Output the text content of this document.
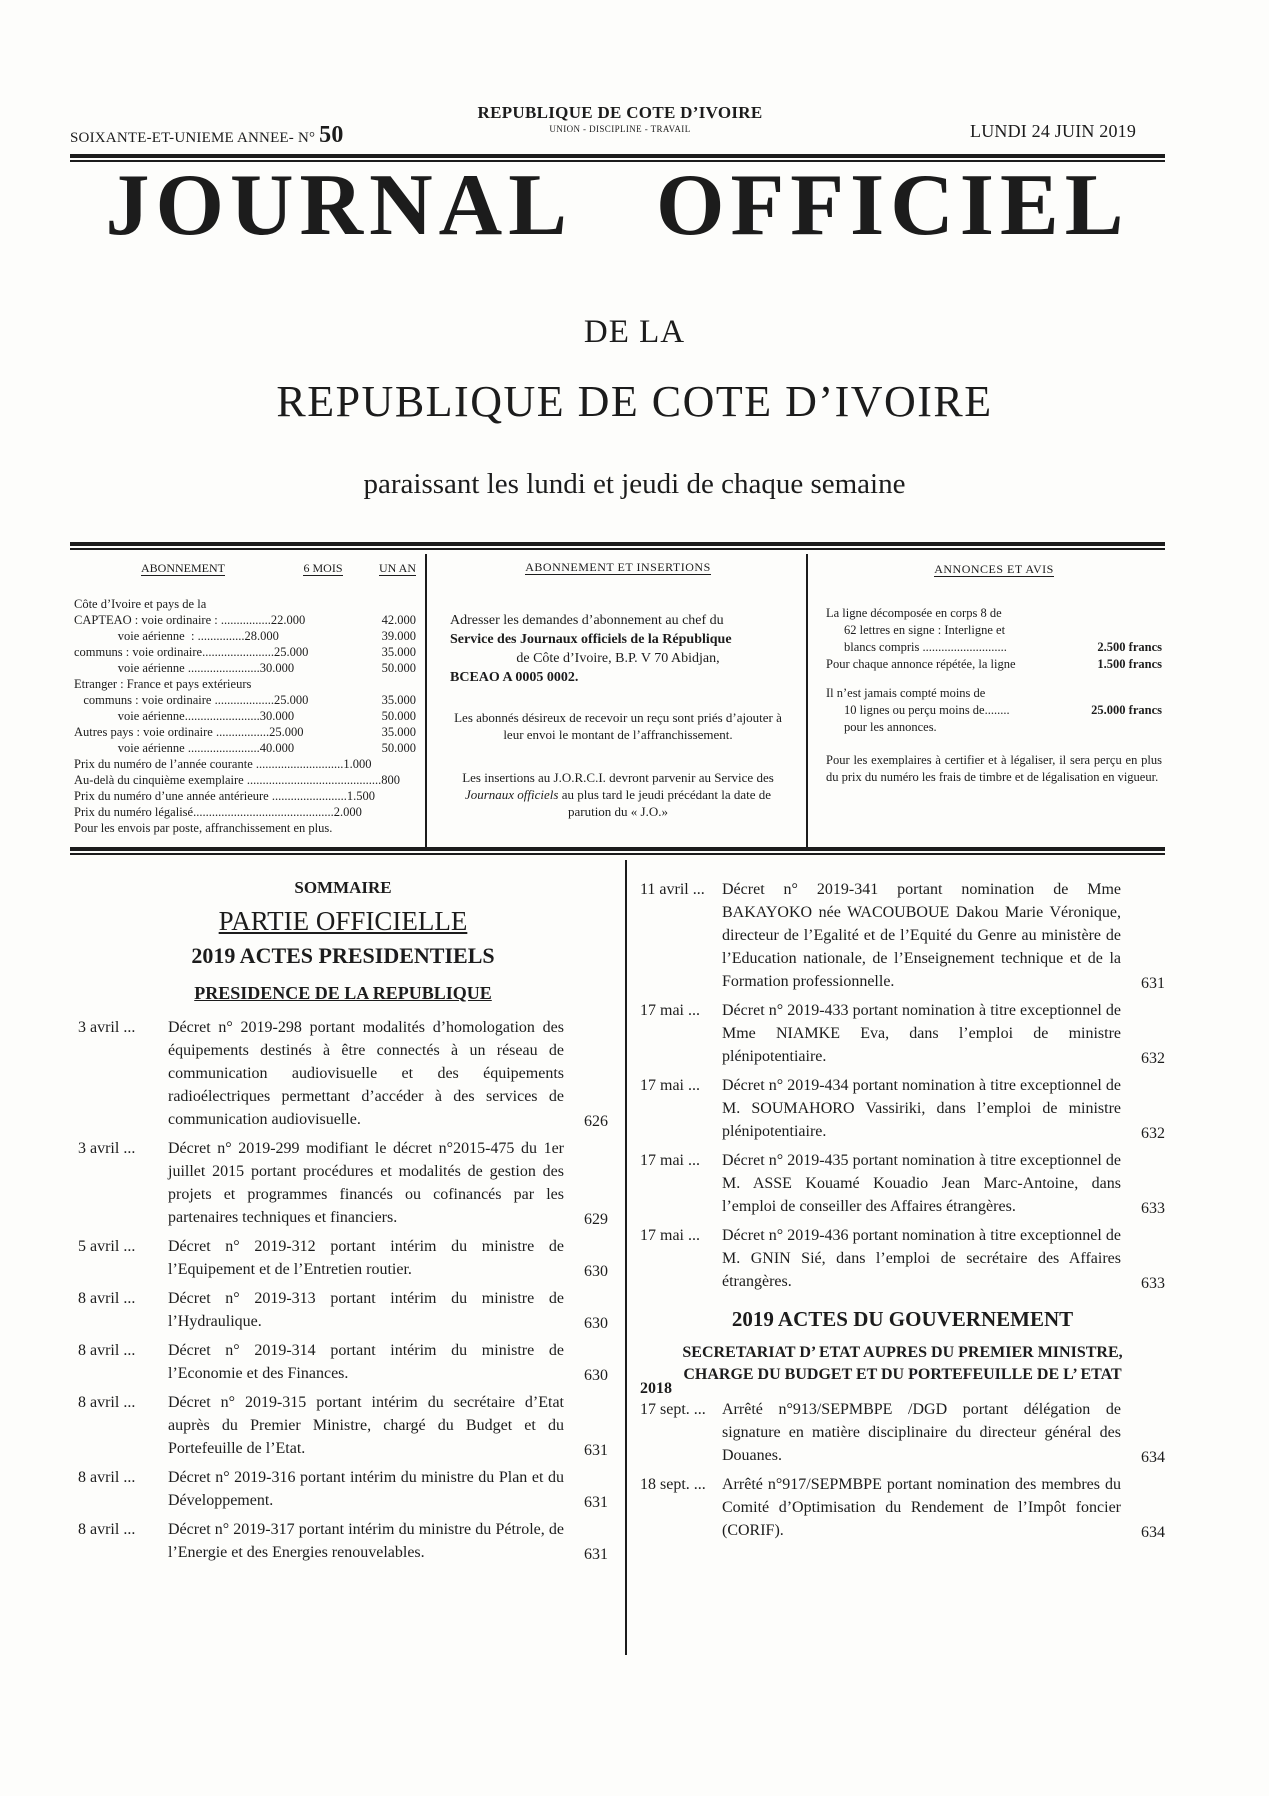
SOIXANTE-ET-UNIEME ANNEE- N° 50
REPUBLIQUE DE COTE D’IVOIRE
UNION - DISCIPLINE - TRAVAIL	LUNDI 24 JUIN 2019
JOURNAL OFFICIEL
DE LA
REPUBLIQUE DE COTE D’IVOIRE
paraissant les lundi et jeudi de chaque semaine
ABONNEMENT	6 MOIS	UN AN
Côte d’Ivoire et pays de la
CAPTEAO : voie ordinaire : ................22.000	42.000
voie aérienne  : ...............28.000	39.000
communs : voie ordinaire.......................25.000	35.000
voie aérienne .......................30.000	50.000
Etranger : France et pays extérieurs
communs : voie ordinaire ...................25.000	35.000
voie aérienne........................30.000	50.000
Autres pays : voie ordinaire .................25.000	35.000
voie aérienne .......................40.000	50.000
Prix du numéro de l’année courante ............................1.000
Au-delà du cinquième exemplaire ...........................................800
Prix du numéro d’une année antérieure ........................1.500
Prix du numéro légalisé.............................................2.000
Pour les envois par poste, affranchissement en plus.
ABONNEMENT ET INSERTIONS
Adresser les demandes d’abonnement au chef du
Service des Journaux officiels de la République
de Côte d’Ivoire, B.P. V 70 Abidjan,
BCEAO A 0005 0002.
Les abonnés désireux de recevoir un reçu sont priés d’ajouter à leur envoi le montant de l’affranchissement.
Les insertions au J.O.R.C.I. devront parvenir au Service des Journaux officiels au plus tard le jeudi précédant la date de parution du « J.O.»
ANNONCES ET AVIS
La ligne décomposée en corps 8 de
62 lettres en signe : Interligne et
blancs compris ...........................	2.500 francs
Pour chaque annonce répétée, la ligne	1.500 francs
Il n’est jamais compté moins de
10 lignes ou perçu moins de........	25.000 francs
pour les annonces.
Pour les exemplaires à certifier et à légaliser, il sera perçu en plus du prix du numéro les frais de timbre et de légalisation en vigueur.
SOMMAIRE
PARTIE OFFICIELLE
2019 ACTES PRESIDENTIELS
PRESIDENCE DE LA REPUBLIQUE
3 avril ...	Décret n° 2019-298 portant modalités d’homologation des équipements destinés à être connectés à un réseau de communication audiovisuelle et des équipements radioélectriques permettant d’accéder à des services de communication audiovisuelle.	626
3 avril ...	Décret n° 2019-299 modifiant le décret n°2015-475 du 1er juillet 2015 portant procédures et modalités de gestion des projets et programmes financés ou cofinancés par les partenaires techniques et financiers.	629
5 avril ...	Décret n° 2019-312 portant intérim du ministre de l’Equipement et de l’Entretien routier.	630
8 avril ...	Décret n° 2019-313 portant intérim du ministre de l’Hydraulique.	630
8 avril ...	Décret n° 2019-314 portant intérim du ministre de l’Economie et des Finances.	630
8 avril ...	Décret n° 2019-315 portant intérim du secrétaire d’Etat auprès du Premier Ministre, chargé du Budget et du Portefeuille de l’Etat.	631
8 avril ...	Décret n° 2019-316 portant intérim du ministre du Plan et du Développement.	631
8 avril ...	Décret n° 2019-317 portant intérim du ministre du Pétrole, de l’Energie et des Energies renouvelables.	631
11 avril ...	Décret n° 2019-341 portant nomination de Mme BAKAYOKO née WACOUBOUE Dakou Marie Véronique, directeur de l’Egalité et de l’Equité du Genre au ministère de l’Education nationale, de l’Enseignement technique et de la Formation professionnelle.	631
17 mai ...	Décret n° 2019-433 portant nomination à titre exceptionnel de Mme NIAMKE Eva, dans l’emploi de ministre plénipotentiaire.	632
17 mai ...	Décret n° 2019-434 portant nomination à titre exceptionnel de M. SOUMAHORO Vassiriki, dans l’emploi de ministre plénipotentiaire.	632
17 mai ...	Décret n° 2019-435 portant nomination à titre exceptionnel de M. ASSE Kouamé Kouadio Jean Marc-Antoine, dans l’emploi de conseiller des Affaires étrangères.	633
17 mai ...	Décret n° 2019-436 portant nomination à titre exceptionnel de M. GNIN Sié, dans l’emploi de secrétaire des Affaires étrangères.	633
2019 ACTES DU GOUVERNEMENT
SECRETARIAT D’ ETAT AUPRES DU PREMIER MINISTRE, CHARGE DU BUDGET ET DU PORTEFEUILLE DE L’ ETAT
2018
17 sept. ...	Arrêté n°913/SEPMBPE /DGD portant délégation de signature en matière disciplinaire du directeur général des Douanes.	634
18 sept. ...	Arrêté n°917/SEPMBPE portant nomination des membres du Comité d’Optimisation du Rendement de l’Impôt foncier (CORIF).	634
